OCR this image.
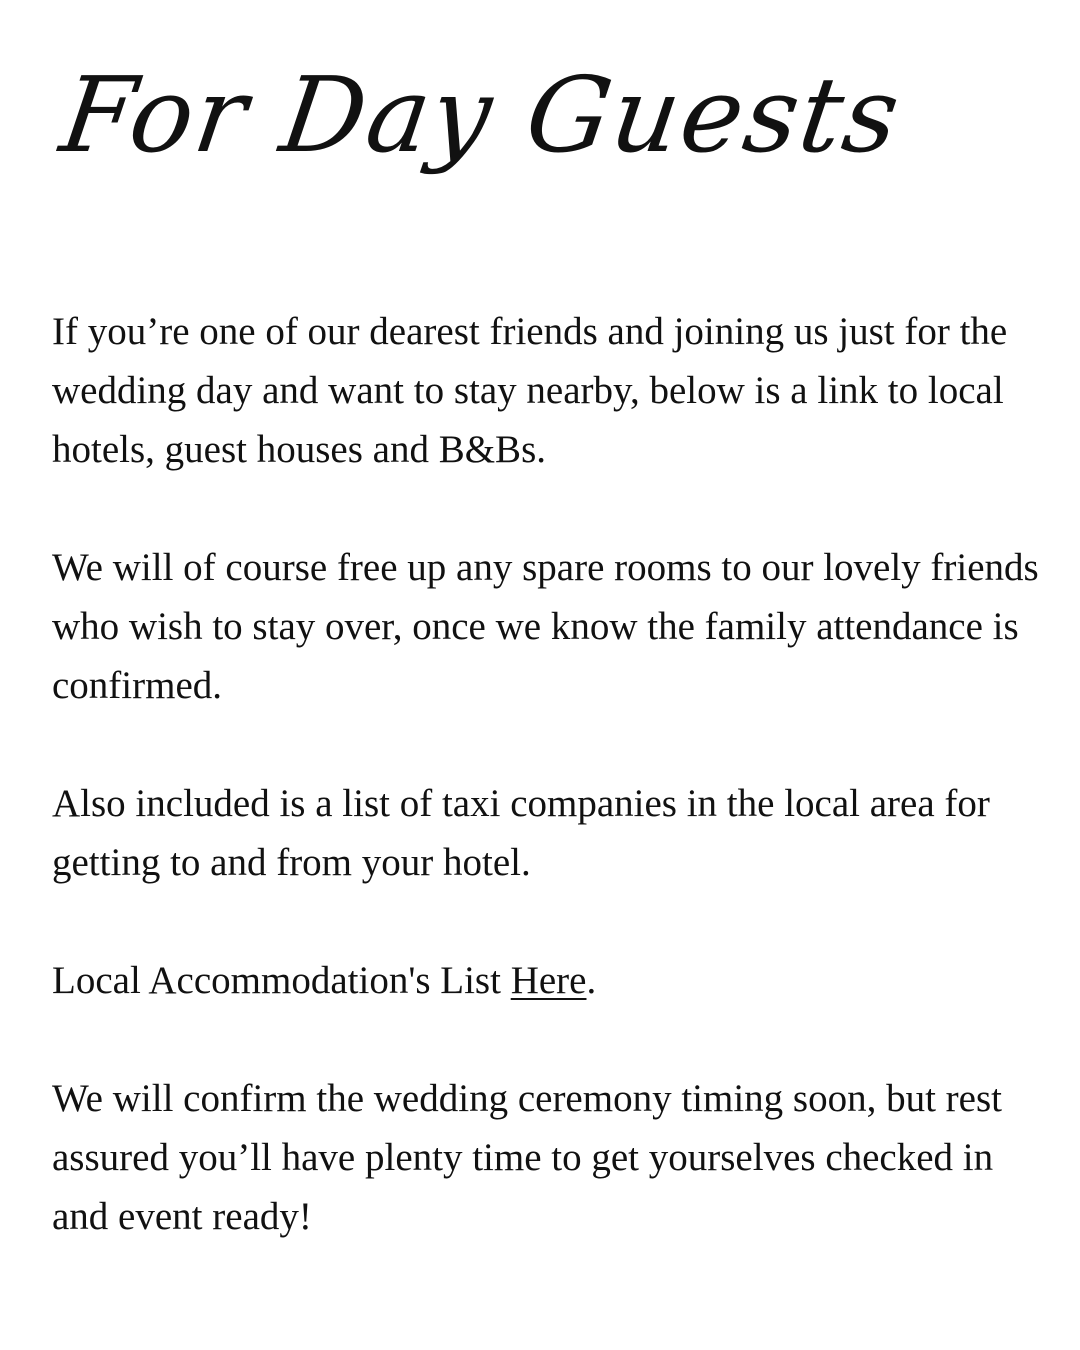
For Day Guests

If you’re one of our dearest friends and joining us just for the wedding day and want to stay nearby, below is a link to local hotels, guest houses and B&Bs.

We will of course free up any spare rooms to our lovely friends who wish to stay over, once we know the family attendance is confirmed.

Also included is a list of taxi companies in the local area for getting to and from your hotel.

Local Accommodation's List Here.

We will confirm the wedding ceremony timing soon, but rest assured you’ll have plenty time to get yourselves checked in and event ready!
